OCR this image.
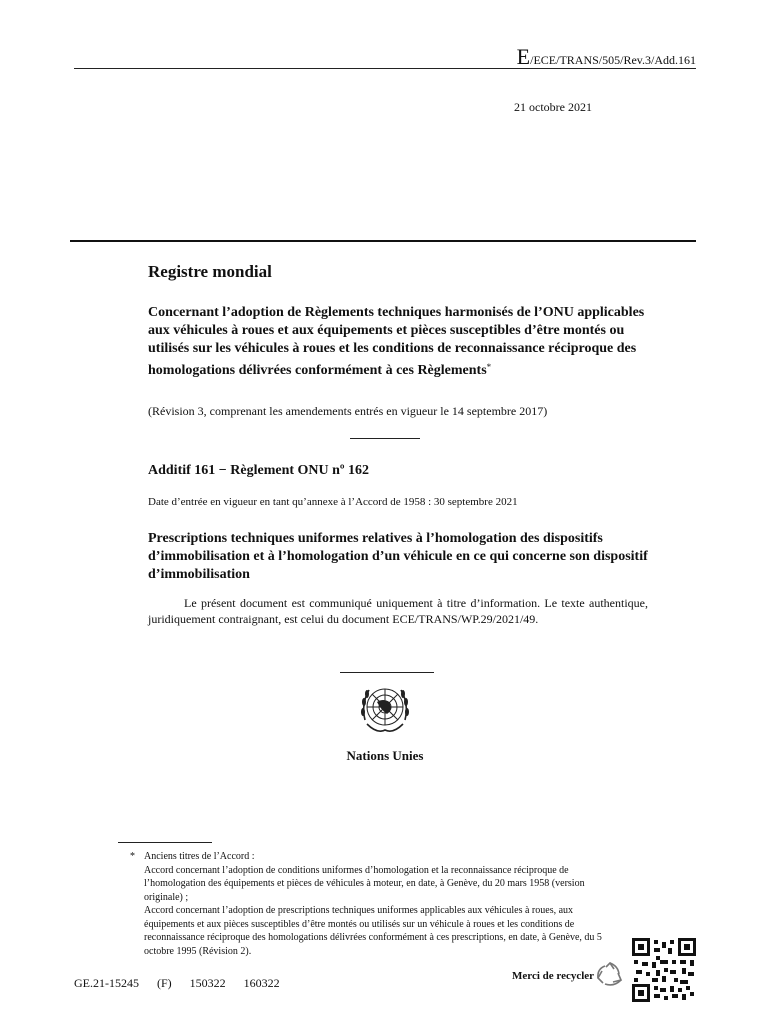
E/ECE/TRANS/505/Rev.3/Add.161
21 octobre 2021
Registre mondial
Concernant l’adoption de Règlements techniques harmonisés de l’ONU applicables aux véhicules à roues et aux équipements et pièces susceptibles d’être montés ou utilisés sur les véhicules à roues et les conditions de reconnaissance réciproque des homologations délivrées conformément à ces Règlements*
(Révision 3, comprenant les amendements entrés en vigueur le 14 septembre 2017)
Additif 161 − Règlement ONU nº 162
Date d’entrée en vigueur en tant qu’annexe à l’Accord de 1958 : 30 septembre 2021
Prescriptions techniques uniformes relatives à l’homologation des dispositifs d’immobilisation et à l’homologation d’un véhicule en ce qui concerne son dispositif d’immobilisation
Le présent document est communiqué uniquement à titre d’information. Le texte authentique, juridiquement contraignant, est celui du document ECE/TRANS/WP.29/2021/49.
Nations Unies
* Anciens titres de l’Accord :
Accord concernant l’adoption de conditions uniformes d’homologation et la reconnaissance réciproque de l’homologation des équipements et pièces de véhicules à moteur, en date, à Genève, du 20 mars 1958 (version originale) ;
Accord concernant l’adoption de prescriptions techniques uniformes applicables aux véhicules à roues, aux équipements et aux pièces susceptibles d’être montés ou utilisés sur un véhicule à roues et les conditions de reconnaissance réciproque des homologations délivrées conformément à ces prescriptions, en date, à Genève, du 5 octobre 1995 (Révision 2).
GE.21-15245 (F) 150322 160322	Merci de recycler
